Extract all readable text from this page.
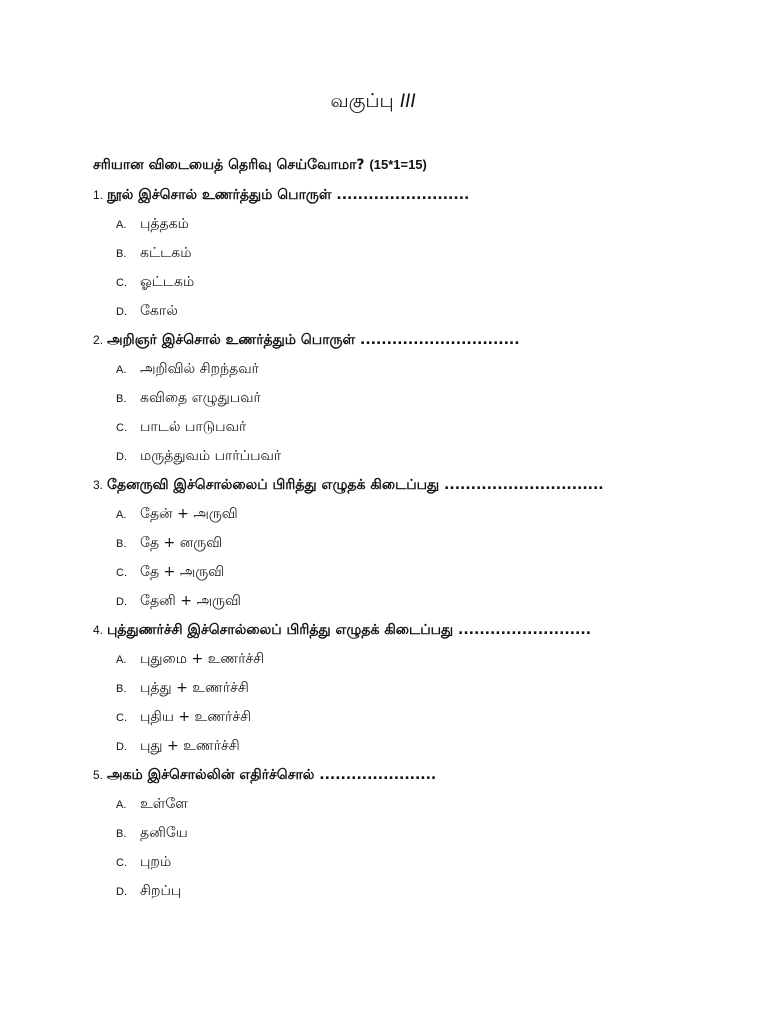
வகுப்பு III
சரியான விடையைத் தெரிவு செய்வோமா? (15*1=15)
1. நூல் இச்சொல் உணர்த்தும் பொருள் .........................
A. புத்தகம்
B. கட்டகம்
C. ஓட்டகம்
D. கோல்
2. அறிஞர் இச்சொல் உணர்த்தும் பொருள் ..............................
A. அறிவில் சிறந்தவர்
B. கவிதை எழுதுபவர்
C. பாடல் பாடுபவர்
D. மருத்துவம் பார்ப்பவர்
3. தேனருவி இச்சொல்லைப் பிரித்து எழுதக் கிடைப்பது ..............................
A. தேன் + அருவி
B. தே + னருவி
C. தே + அருவி
D. தேனி + அருவி
4. புத்துணர்ச்சி இச்சொல்லைப் பிரித்து எழுதக் கிடைப்பது .........................
A. புதுமை + உணர்ச்சி
B. புத்து + உணர்ச்சி
C. புதிய + உணர்ச்சி
D. புது + உணர்ச்சி
5. அகம் இச்சொல்லின் எதிர்ச்சொல் ......................
A. உள்ளே
B. தனியே
C. புறம்
D. சிறப்பு
